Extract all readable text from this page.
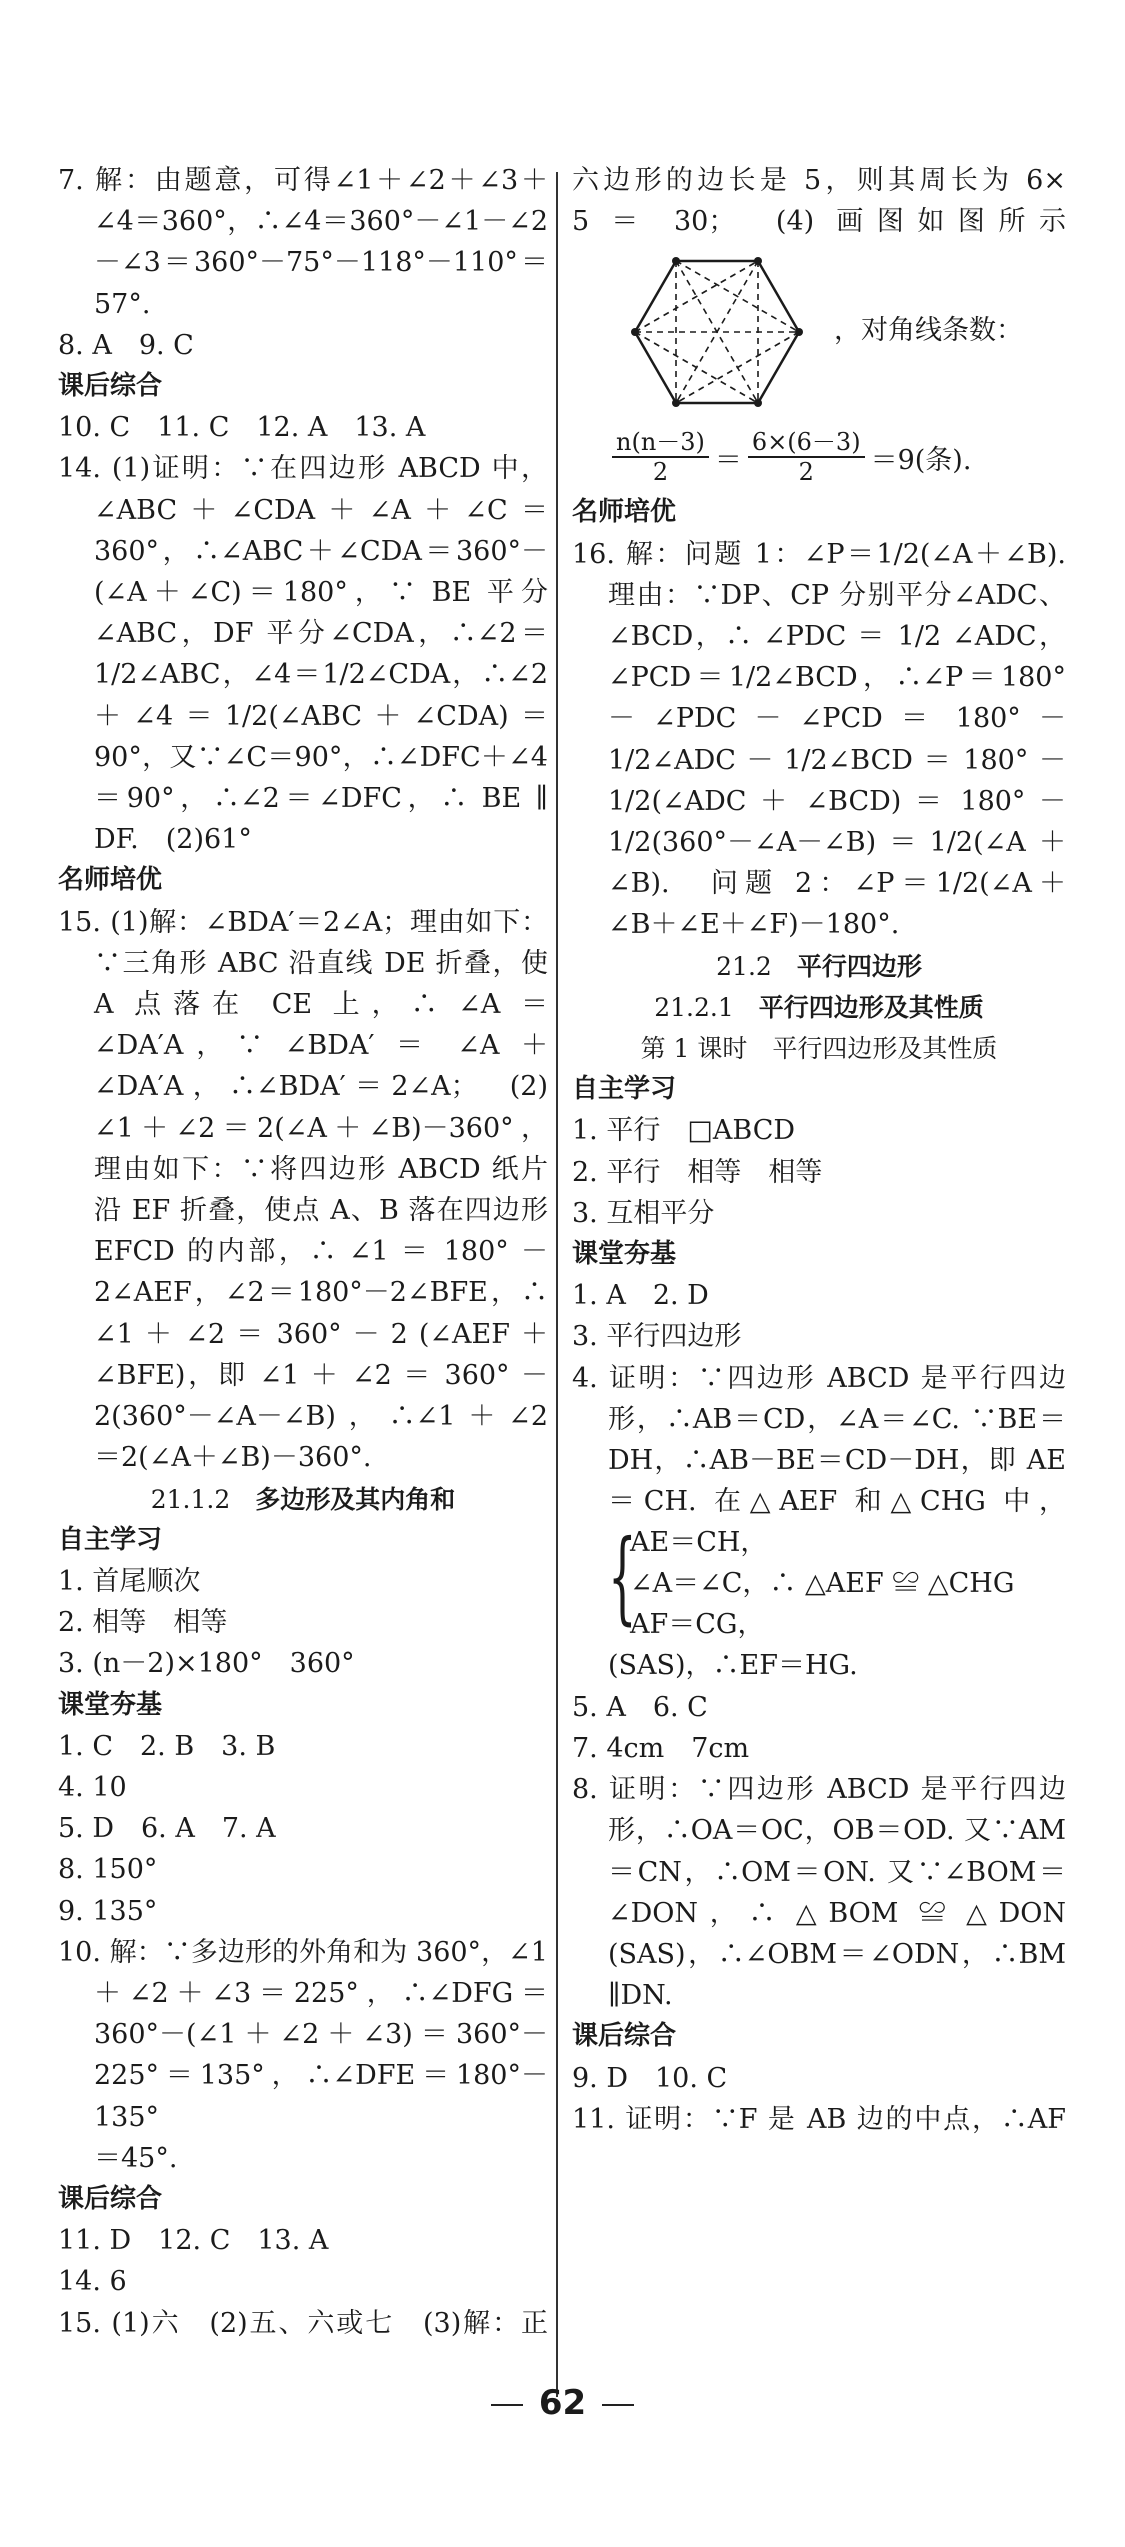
7. 解：由题意，可得∠1＋∠2＋∠3＋

∠4＝360°，∴∠4＝360°－∠1－∠2

－∠3＝360°－75°－118°－110°＝

57°.

8. A　9. C

课后综合

10. C　11. C　12. A　13. A

14. (1)证明：∵在四边形 ABCD 中，

∠ABC＋∠CDA＋∠A＋∠C＝

360°，∴∠ABC＋∠CDA＝360°－

(∠A＋∠C)＝180°，∵ BE 平分

∠ABC，DF 平分∠CDA，∴∠2＝

1/2∠ABC，∠4＝1/2∠CDA，∴∠2

＋∠4＝1/2(∠ABC＋∠CDA)＝

90°，又∵∠C＝90°，∴∠DFC＋∠4

＝90°，∴∠2＝∠DFC，∴ BE ∥

DF.　(2)61°

名师培优

15. (1)解：∠BDA′＝2∠A；理由如下：

∵三角形 ABC 沿直线 DE 折叠，使

A 点落在 CE 上，∴ ∠A ＝

∠DA′A，∵ ∠BDA′ ＝ ∠A ＋

∠DA′A，∴∠BDA′＝2∠A；　(2)

∠1＋∠2＝2(∠A＋∠B)－360°，

理由如下：∵将四边形 ABCD 纸片

沿 EF 折叠，使点 A、B 落在四边形

EFCD 的内部，∴ ∠1 ＝ 180° －

2∠AEF，∠2＝180°－2∠BFE，∴

∠1 ＋ ∠2 ＝ 360° － 2 (∠AEF ＋

∠BFE)，即 ∠1 ＋ ∠2 ＝ 360° －

2(360°－∠A－∠B)，∴∠1＋∠2

＝2(∠A＋∠B)－360°.

21.1.2　 多边形及其内角和

自主学习

1. 首尾顺次

2. 相等　相等

3. (n－2)×180°　360°

课堂夯基

1. C　2. B　3. B

4. 10

5. D　6. A　7. A

8. 150°

9. 135°

10. 解：∵多边形的外角和为 360°，∠1

＋∠2＋∠3＝225°，∴∠DFG＝

360°－(∠1＋∠2＋∠3)＝360°－

225°＝135°，∴∠DFE＝180°－135°

＝45°.

课后综合

11. D　12. C　13. A

14. 6

15. (1)六　(2)五、六或七　(3)解：正

六边形的边长是 5，则其周长为 6×

5 ＝ 30；　(4) 画图如图所示

，对角线条数：
$\frac{n(n-3)}{2} = \frac{6\times(6-3)}{2} =9$(条).

名师培优

16. 解：问题 1：∠P＝1/2(∠A＋∠B).

理由：∵DP、CP 分别平分∠ADC、

∠BCD，∴ ∠PDC ＝ 1/2 ∠ADC，

∠PCD＝1/2∠BCD，∴∠P＝180°

－ ∠PDC － ∠PCD ＝ 180° －

1/2∠ADC － 1/2∠BCD ＝ 180° －

1/2(∠ADC ＋ ∠BCD) ＝ 180° －

1/2(360°－∠A－∠B)＝1/2(∠A＋

∠B).　问题 2：∠P＝1/2(∠A＋

∠B＋∠E＋∠F)－180°.

21.2　 平行四边形

21.2.1　 平行四边形及其性质

第 1 课时　平行四边形及其性质

自主学习

1. 平行　□ABCD

2. 平行　相等　相等

3. 互相平分

课堂夯基

1. A　2. D

3. 平行四边形

4. 证明：∵四边形 ABCD 是平行四边

形，∴AB＝CD，∠A＝∠C. ∵BE＝

DH，∴AB－BE＝CD－DH，即 AE

＝CH. 在△AEF 和△CHG 中，

{

AE＝CH，

∠A＝∠C，∴ △AEF ≌ △CHG

AF＝CG，

(SAS)，∴EF＝HG.

5. A　6. C

7. 4cm　7cm

8. 证明：∵四边形 ABCD 是平行四边

形，∴OA＝OC，OB＝OD. 又∵AM

＝CN，∴OM＝ON. 又∵∠BOM＝

∠DON，∴ △BOM ≌ △DON

(SAS)，∴∠OBM＝∠ODN，∴BM

∥DN.

课后综合

9. D　10. C

11. 证明：∵F 是 AB 边的中点，∴AF

62
